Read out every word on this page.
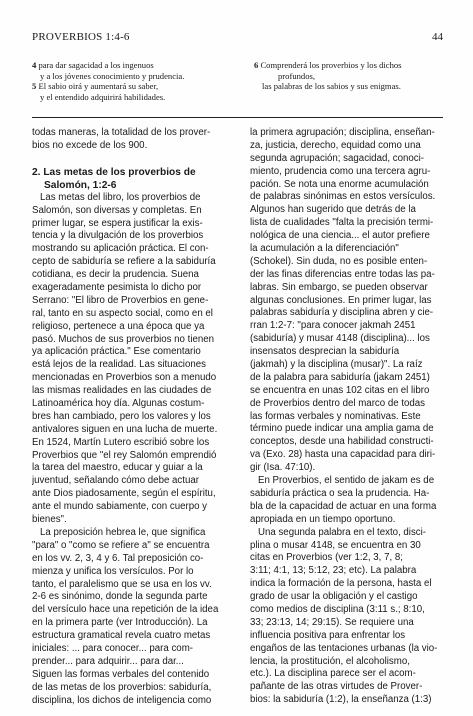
PROVERBIOS 1:4-6	44
4 para dar sagacidad a los ingenuos
y a los jóvenes conocimiento y prudencia.
5 El sabio oirá y aumentará su saber,
y el entendido adquirirá habilidades.
6 Comprenderá los proverbios y los dichos
profundos,
las palabras de los sabios y sus enigmas.
todas maneras, la totalidad de los prover-
bios no excede de los 900.
2. Las metas de los proverbios de
Salomón, 1:2-6
Las metas del libro, los proverbios de
Salomón, son diversas y completas. En
primer lugar, se espera justificar la exis-
tencia y la divulgación de los proverbios
mostrando su aplicación práctica. El con-
cepto de sabiduría se refiere a la sabiduría
cotidiana, es decir la prudencia. Suena
exageradamente pesimista lo dicho por
Serrano: "El libro de Proverbios en gene-
ral, tanto en su aspecto social, como en el
religioso, pertenece a una época que ya
pasó. Muchos de sus proverbios no tienen
ya aplicación práctica." Ese comentario
está lejos de la realidad. Las situaciones
mencionadas en Proverbios son a menudo
las mismas realidades en las ciudades de
Latinoamérica hoy día. Algunas costum-
bres han cambiado, pero los valores y los
antivalores siguen en una lucha de muerte.
En 1524, Martín Lutero escribió sobre los
Proverbios que "el rey Salomón emprendió
la tarea del maestro, educar y guiar a la
juventud, señalando cómo debe actuar
ante Dios piadosamente, según el espíritu,
ante el mundo sabiamente, con cuerpo y
bienes".
La preposición hebrea le, que significa
"para" o "como se refiere a" se encuentra
en los vv. 2, 3, 4 y 6. Tal preposición co-
mienza y unifica los versículos. Por lo
tanto, el paralelismo que se usa en los vv.
2-6 es sinónimo, donde la segunda parte
del versículo hace una repetición de la idea
en la primera parte (ver Introducción). La
estructura gramatical revela cuatro metas
iniciales: ... para conocer... para com-
prender... para adquirir... para dar...
Siguen las formas verbales del contenido
de las metas de los proverbios: sabiduría,
disciplina, los dichos de inteligencia como
la primera agrupación; disciplina, enseñan-
za, justicia, derecho, equidad como una
segunda agrupación; sagacidad, conoci-
miento, prudencia como una tercera agru-
pación. Se nota una enorme acumulación
de palabras sinónimas en estos versículos.
Algunos han sugerido que detrás de la
lista de cualidades "falta la precisión termi-
nológica de una ciencia... el autor prefiere
la acumulación a la diferenciación"
(Schokel). Sin duda, no es posible enten-
der las finas diferencias entre todas las pa-
labras. Sin embargo, se pueden observar
algunas conclusiones. En primer lugar, las
palabras sabiduría y disciplina abren y cie-
rran 1:2-7: "para conocer jakmah 2451
(sabiduría) y musar 4148 (disciplina)... los
insensatos desprecian la sabiduría
(jakmah) y la disciplina (musar)". La raíz
de la palabra para sabiduría (jakam 2451)
se encuentra en unas 102 citas en el libro
de Proverbios dentro del marco de todas
las formas verbales y nominativas. Este
término puede indicar una amplia gama de
conceptos, desde una habilidad constructi-
va (Exo. 28) hasta una capacidad para diri-
gir (Isa. 47:10).
En Proverbios, el sentido de jakam es de
sabiduría práctica o sea la prudencia. Ha-
bla de la capacidad de actuar en una forma
apropiada en un tiempo oportuno.
Una segunda palabra en el texto, disci-
plina o musar 4148, se encuentra en 30
citas en Proverbios (ver 1:2, 3, 7, 8;
3:11; 4:1, 13; 5:12, 23; etc). La palabra
indica la formación de la persona, hasta el
grado de usar la obligación y el castigo
como medios de disciplina (3:11 s.; 8:10,
33; 23:13, 14; 29:15). Se requiere una
influencia positiva para enfrentar los
engaños de las tentaciones urbanas (la vio-
lencia, la prostitución, el alcoholismo,
etc.). La disciplina parece ser el acom-
pañante de las otras virtudes de Prover-
bios: la sabiduría (1:2), la enseñanza (1:3)
